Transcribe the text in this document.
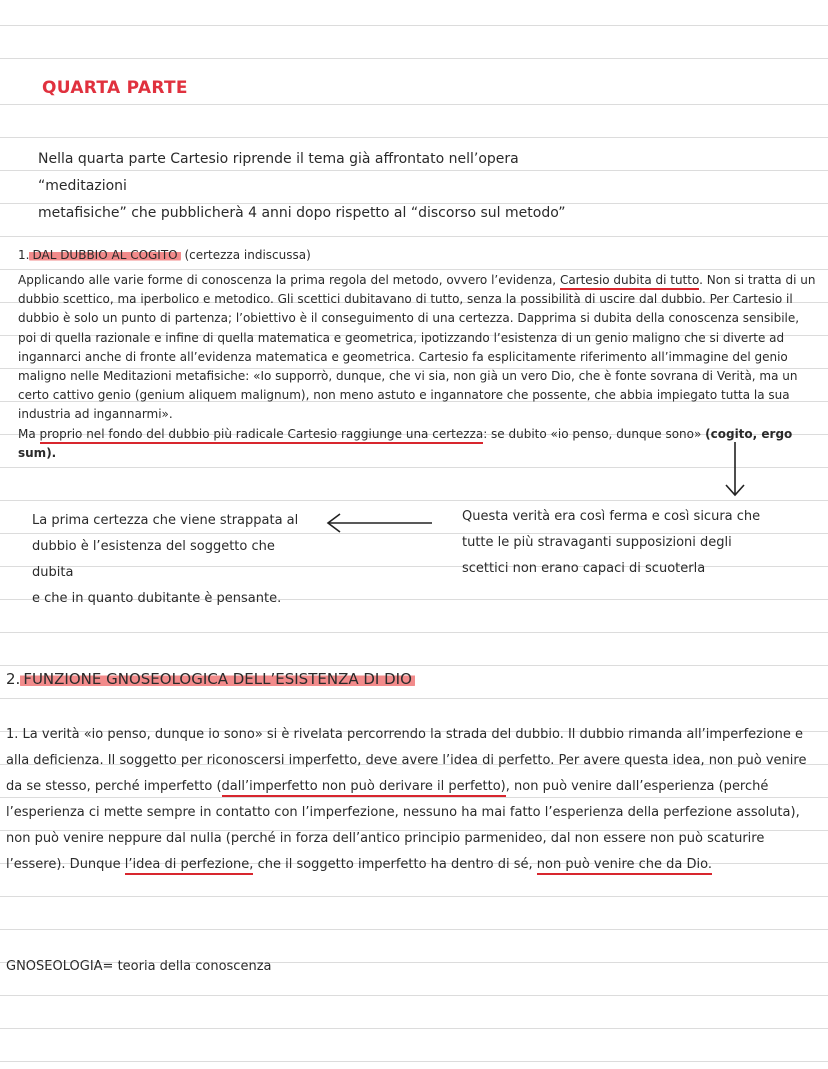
QUARTA PARTE
Nella quarta parte Cartesio riprende il tema già affrontato nell’opera “meditazioni
metafisiche” che pubblicherà 4 anni dopo rispetto al “discorso sul metodo”
1. DAL DUBBIO AL COGITO (certezza indiscussa)
Applicando alle varie forme di conoscenza la prima regola del metodo, ovvero l’evidenza, Cartesio dubita di tutto. Non si tratta di un dubbio scettico, ma iperbolico e metodico. Gli scettici dubitavano di tutto, senza la possibilità di uscire dal dubbio. Per Cartesio il dubbio è solo un punto di partenza; l’obiettivo è il conseguimento di una certezza. Dapprima si dubita della conoscenza sensibile, poi di quella razionale e infine di quella matematica e geometrica, ipotizzando l’esistenza di un genio maligno che si diverte ad ingannarci anche di fronte all’evidenza matematica e geometrica. Cartesio fa esplicitamente riferimento all’immagine del genio maligno nelle Meditazioni metafisiche: «Io supporrò, dunque, che vi sia, non già un vero Dio, che è fonte sovrana di Verità, ma un certo cattivo genio (genium aliquem malignum), non meno astuto e ingannatore che possente, che abbia impiegato tutta la sua industria ad ingannarmi».
Ma proprio nel fondo del dubbio più radicale Cartesio raggiunge una certezza: se dubito «io penso, dunque sono» (cogito, ergo sum).
La prima certezza che viene strappata al
dubbio è l’esistenza del soggetto che dubita
e che in quanto dubitante è pensante.
Questa verità era così ferma e così sicura che
tutte le più stravaganti supposizioni degli
scettici non erano capaci di scuoterla
2. FUNZIONE GNOSEOLOGICA DELL’ESISTENZA DI DIO
1. La verità «io penso, dunque io sono» si è rivelata percorrendo la strada del dubbio. Il dubbio rimanda all’imperfezione e alla deficienza. Il soggetto per riconoscersi imperfetto, deve avere l’idea di perfetto. Per avere questa idea, non può venire da se stesso, perché imperfetto (dall’imperfetto non può derivare il perfetto), non può venire dall’esperienza (perché l’esperienza ci mette sempre in contatto con l’imperfezione, nessuno ha mai fatto l’esperienza della perfezione assoluta), non può venire neppure dal nulla (perché in forza dell’antico principio parmenideo, dal non essere non può scaturire l’essere). Dunque l’idea di perfezione, che il soggetto imperfetto ha dentro di sé, non può venire che da Dio.
GNOSEOLOGIA= teoria della conoscenza
